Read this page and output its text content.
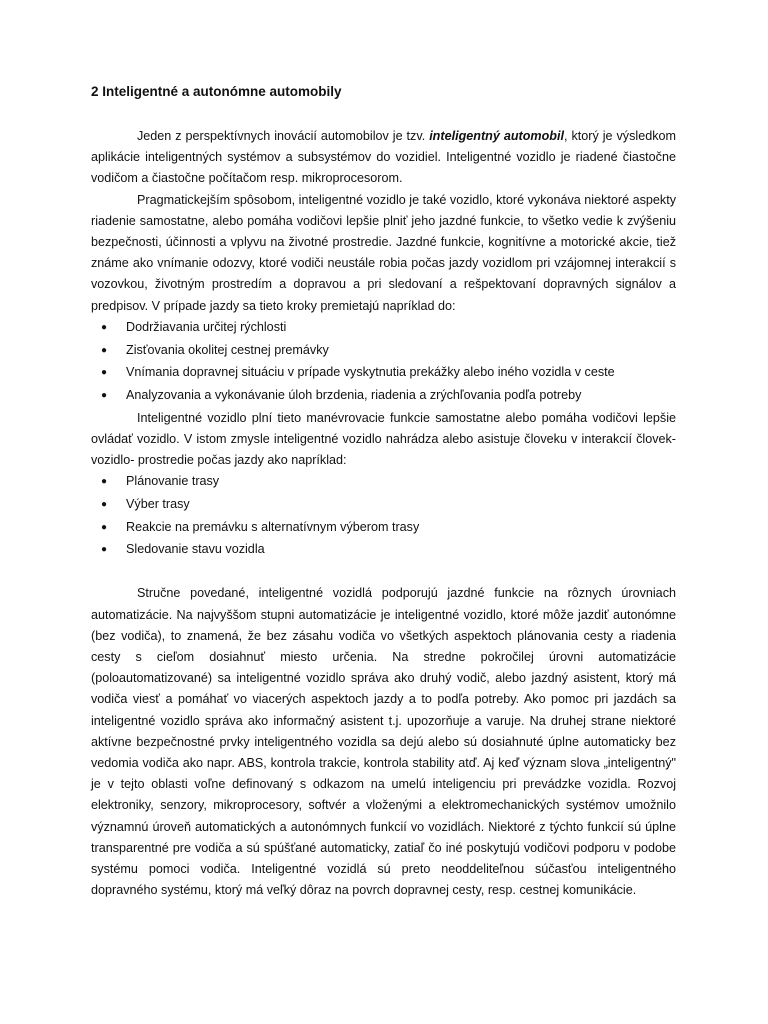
2 Inteligentné a autonómne automobily

Jeden z perspektívnych inovácií automobilov je tzv. inteligentný automobil, ktorý je výsledkom aplikácie inteligentných systémov a subsystémov do vozidiel. Inteligentné vozidlo je riadené čiastočne vodičom a čiastočne počítačom resp. mikroprocesorom.

Pragmatickejším spôsobom, inteligentné vozidlo je také vozidlo, ktoré vykonáva niektoré aspekty riadenie samostatne, alebo pomáha vodičovi lepšie plniť jeho jazdné funkcie, to všetko vedie k zvýšeniu bezpečnosti, účinnosti a vplyvu na životné prostredie. Jazdné funkcie, kognitívne a motorické akcie, tiež známe ako vnímanie odozvy, ktoré vodiči neustále robia počas jazdy vozidlom pri vzájomnej interakcií s vozovkou, životným prostredím a dopravou a pri sledovaní a rešpektovaní dopravných signálov a predpisov. V prípade jazdy sa tieto kroky premietajú napríklad do:

● Dodržiavania určitej rýchlosti
● Zisťovania okolitej cestnej premávky
● Vnímania dopravnej situáciu v prípade vyskytnutia prekážky alebo iného vozidla v ceste
● Analyzovania a vykonávanie úloh brzdenia, riadenia a zrýchľovania podľa potreby

Inteligentné vozidlo plní tieto manévrovacie funkcie samostatne alebo pomáha vodičovi lepšie ovládať vozidlo. V istom zmysle inteligentné vozidlo nahrádza alebo asistuje človeku v interakcií človek- vozidlo- prostredie počas jazdy ako napríklad:

● Plánovanie trasy
● Výber trasy
● Reakcie na premávku s alternatívnym výberom trasy
● Sledovanie stavu vozidla

Stručne povedané, inteligentné vozidlá podporujú jazdné funkcie na rôznych úrovniach automatizácie. Na najvyššom stupni automatizácie je inteligentné vozidlo, ktoré môže jazdiť autonómne (bez vodiča), to znamená, že bez zásahu vodiča vo všetkých aspektoch plánovania cesty a riadenia cesty s cieľom dosiahnuť miesto určenia. Na stredne pokročilej úrovni automatizácie (poloautomatizované) sa inteligentné vozidlo správa ako druhý vodič, alebo jazdný asistent, ktorý má vodiča viesť a pomáhať vo viacerých aspektoch jazdy a to podľa potreby. Ako pomoc pri jazdách sa inteligentné vozidlo správa ako informačný asistent t.j. upozorňuje a varuje. Na druhej strane niektoré aktívne bezpečnostné prvky inteligentného vozidla sa dejú alebo sú dosiahnuté úplne automaticky bez vedomia vodiča ako napr. ABS, kontrola trakcie, kontrola stability atď. Aj keď význam slova „inteligentný" je v tejto oblasti voľne definovaný s odkazom na umelú inteligenciu pri prevádzke vozidla. Rozvoj elektroniky, senzory, mikroprocesory, softvér a vloženými a elektromechanických systémov umožnilo významnú úroveň automatických a autonómnych funkcií vo vozidlách. Niektoré z týchto funkcií sú úplne transparentné pre vodiča a sú spúšťané automaticky, zatiaľ čo iné poskytujú vodičovi podporu v podobe systému pomoci vodiča. Inteligentné vozidlá sú preto neoddeliteľnou súčasťou inteligentného dopravného systému, ktorý má veľký dôraz na povrch dopravnej cesty, resp. cestnej komunikácie.
